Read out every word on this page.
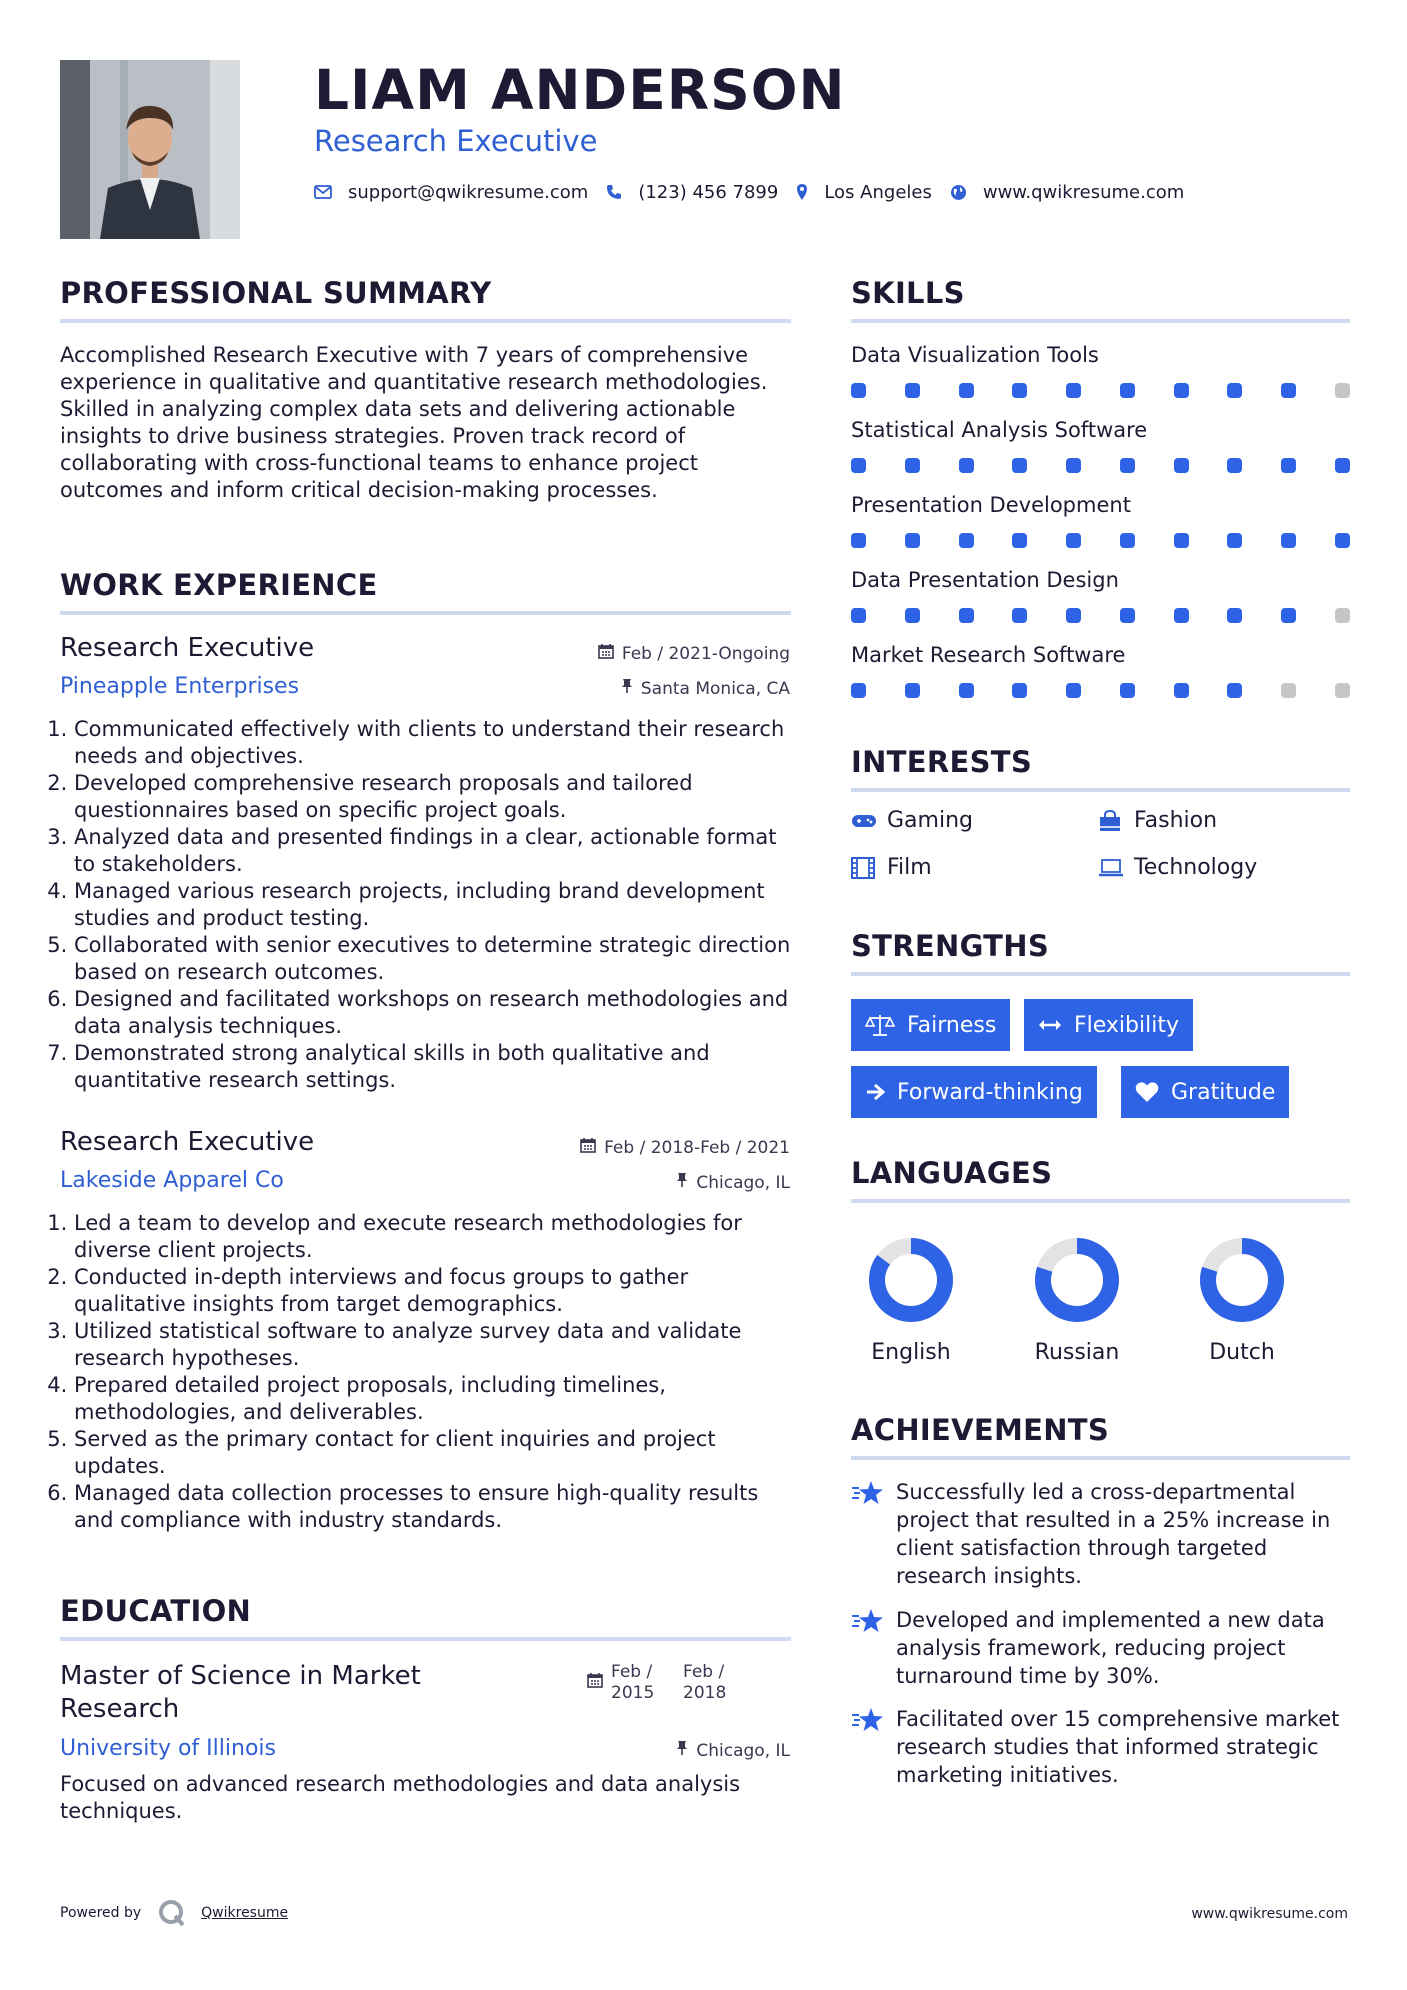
LIAM ANDERSON
Research Executive
support@qwikresume.com	(123) 456 7899	Los Angeles	www.qwikresume.com
PROFESSIONAL SUMMARY
Accomplished Research Executive with 7 years of comprehensive experience in qualitative and quantitative research methodologies. Skilled in analyzing complex data sets and delivering actionable insights to drive business strategies. Proven track record of collaborating with cross-functional teams to enhance project outcomes and inform critical decision-making processes.
WORK EXPERIENCE
Research Executive	Feb / 2021-Ongoing
Pineapple Enterprises	Santa Monica, CA
1. Communicated effectively with clients to understand their research needs and objectives.
2. Developed comprehensive research proposals and tailored questionnaires based on specific project goals.
3. Analyzed data and presented findings in a clear, actionable format to stakeholders.
4. Managed various research projects, including brand development studies and product testing.
5. Collaborated with senior executives to determine strategic direction based on research outcomes.
6. Designed and facilitated workshops on research methodologies and data analysis techniques.
7. Demonstrated strong analytical skills in both qualitative and quantitative research settings.
Research Executive	Feb / 2018-Feb / 2021
Lakeside Apparel Co	Chicago, IL
1. Led a team to develop and execute research methodologies for diverse client projects.
2. Conducted in-depth interviews and focus groups to gather qualitative insights from target demographics.
3. Utilized statistical software to analyze survey data and validate research hypotheses.
4. Prepared detailed project proposals, including timelines, methodologies, and deliverables.
5. Served as the primary contact for client inquiries and project updates.
6. Managed data collection processes to ensure high-quality results and compliance with industry standards.
EDUCATION
Master of Science in Market Research
Feb / 2015
Feb / 2018
University of Illinois	Chicago, IL
Focused on advanced research methodologies and data analysis techniques.
SKILLS
Data Visualization Tools
Statistical Analysis Software
Presentation Development
Data Presentation Design
Market Research Software
INTERESTS
Gaming	Fashion
Film	Technology
STRENGTHS
Fairness	Flexibility
Forward-thinking	Gratitude
LANGUAGES
English	Russian	Dutch
ACHIEVEMENTS
Successfully led a cross-departmental project that resulted in a 25% increase in client satisfaction through targeted research insights.
Developed and implemented a new data analysis framework, reducing project turnaround time by 30%.
Facilitated over 15 comprehensive market research studies that informed strategic marketing initiatives.
Powered by	Qwikresume	www.qwikresume.com
